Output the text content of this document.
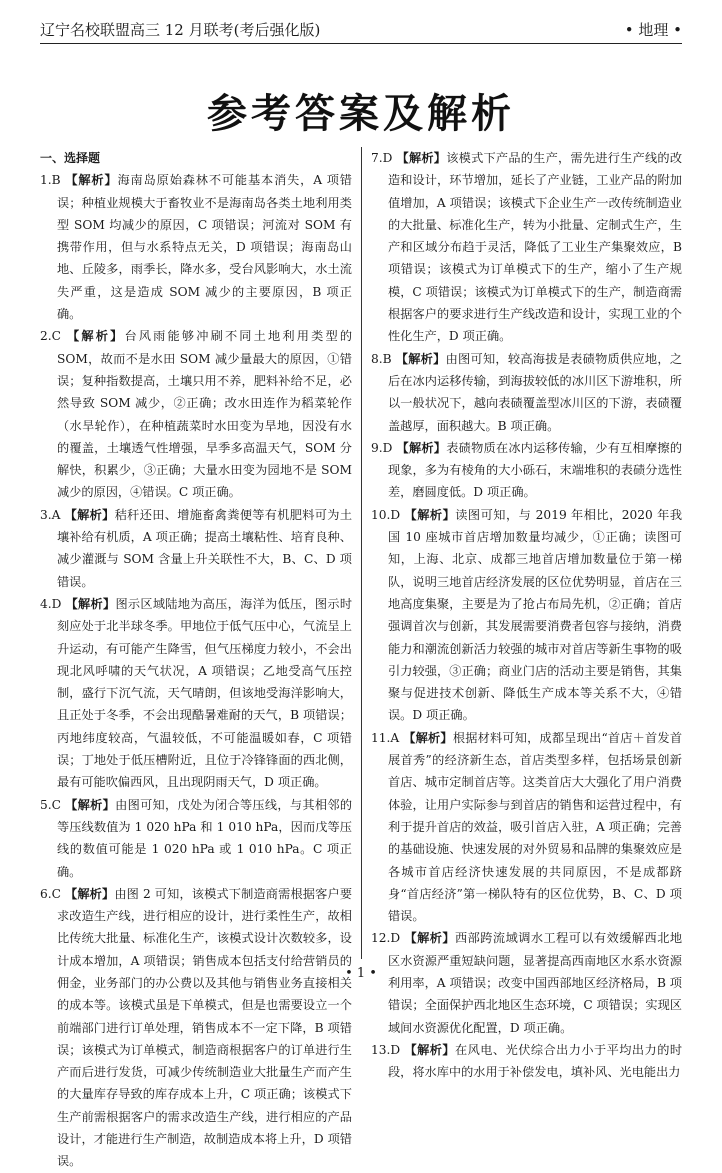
辽宁名校联盟高三 12 月联考(考后强化版)	• 地理 •
参考答案及解析
一、选择题

1.B 【解析】海南岛原始森林不可能基本消失，A 项错误；种植业规模大于畜牧业不是海南岛各类土地利用类型 SOM 均减少的原因，C 项错误；河流对 SOM 有携带作用，但与水系特点无关，D 项错误；海南岛山地、丘陵多，雨季长，降水多，受台风影响大，水土流失严重，这是造成 SOM 减少的主要原因，B 项正确。

2.C 【解析】台风雨能够冲刷不同土地利用类型的 SOM，故而不是水田 SOM 减少量最大的原因，①错误；复种指数提高，土壤只用不养，肥料补给不足，必然导致 SOM 减少，②正确；改水田连作为稻菜轮作（水旱轮作），在种植蔬菜时水田变为旱地，因没有水的覆盖，土壤透气性增强，旱季多高温天气，SOM 分解快，积累少，③正确；大量水田变为园地不是 SOM 减少的原因，④错误。C 项正确。

3.A 【解析】秸秆还田、增施畜禽粪便等有机肥料可为土壤补给有机质，A 项正确；提高土壤粘性、培育良种、减少灌溉与 SOM 含量上升关联性不大，B、C、D 项错误。

4.D 【解析】图示区域陆地为高压，海洋为低压，图示时刻应处于北半球冬季。甲地位于低气压中心，气流呈上升运动，有可能产生降雪，但气压梯度力较小，不会出现北风呼啸的天气状况，A 项错误；乙地受高气压控制，盛行下沉气流，天气晴朗，但该地受海洋影响大，且正处于冬季，不会出现酷暑难耐的天气，B 项错误；丙地纬度较高，气温较低，不可能温暖如春，C 项错误；丁地处于低压槽附近，且位于冷锋锋面的西北侧，最有可能吹偏西风，且出现阴雨天气，D 项正确。

5.C 【解析】由图可知，戊处为闭合等压线，与其相邻的等压线数值为 1 020 hPa 和 1 010 hPa，因而戊等压线的数值可能是 1 020 hPa 或 1 010 hPa。C 项正确。

6.C 【解析】由图 2 可知，该模式下制造商需根据客户要求改造生产线，进行相应的设计，进行柔性生产，故相比传统大批量、标准化生产，该模式设计次数较多，设计成本增加，A 项错误；销售成本包括支付给营销员的佣金，业务部门的办公费以及其他与销售业务直接相关的成本等。该模式虽是下单模式，但是也需要设立一个前端部门进行订单处理，销售成本不一定下降，B 项错误；该模式为订单模式，制造商根据客户的订单进行生产而后进行发货，可减少传统制造业大批量生产而产生的大量库存导致的库存成本上升，C 项正确；该模式下生产前需根据客户的需求改造生产线，进行相应的产品设计，才能进行生产制造，故制造成本将上升，D 项错误。

7.D 【解析】该模式下产品的生产，需先进行生产线的改造和设计，环节增加，延长了产业链，工业产品的附加值增加，A 项错误；该模式下企业生产一改传统制造业的大批量、标准化生产，转为小批量、定制式生产，生产和区域分布趋于灵活，降低了工业生产集聚效应，B 项错误；该模式为订单模式下的生产，缩小了生产规模，C 项错误；该模式为订单模式下的生产，制造商需根据客户的要求进行生产线改造和设计，实现工业的个性化生产，D 项正确。

8.B 【解析】由图可知，较高海拔是表碛物质供应地，之后在冰内运移传输，到海拔较低的冰川区下游堆积，所以一般状况下，越向表碛覆盖型冰川区的下游，表碛覆盖越厚，面积越大。B 项正确。

9.D 【解析】表碛物质在冰内运移传输，少有互相摩擦的现象，多为有棱角的大小砾石，末端堆积的表碛分选性差，磨圆度低。D 项正确。

10.D 【解析】读图可知，与 2019 年相比，2020 年我国 10 座城市首店增加数量均减少，①正确；读图可知，上海、北京、成都三地首店增加数量位于第一梯队，说明三地首店经济发展的区位优势明显，首店在三地高度集聚，主要是为了抢占布局先机，②正确；首店强调首次与创新，其发展需要消费者包容与接纳，消费能力和潮流创新活力较强的城市对首店等新生事物的吸引力较强，③正确；商业门店的活动主要是销售，其集聚与促进技术创新、降低生产成本等关系不大，④错误。D 项正确。

11.A 【解析】根据材料可知，成都呈现出“首店＋首发首展首秀”的经济新生态，首店类型多样，包括场景创新首店、城市定制首店等。这类首店大大强化了用户消费体验，让用户实际参与到首店的销售和运营过程中，有利于提升首店的效益，吸引首店入驻，A 项正确；完善的基础设施、快速发展的对外贸易和品牌的集聚效应是各城市首店经济快速发展的共同原因，不是成都跻身“首店经济”第一梯队特有的区位优势，B、C、D 项错误。

12.D 【解析】西部跨流域调水工程可以有效缓解西北地区水资源严重短缺问题，显著提高西南地区水系水资源利用率，A 项错误；改变中国西部地区经济格局，B 项错误；全面保护西北地区生态环境，C 项错误；实现区域间水资源优化配置，D 项正确。

13.D 【解析】在风电、光伏综合出力小于平均出力的时段，将水库中的水用于补偿发电，填补风、光电能出力

• 1 •
